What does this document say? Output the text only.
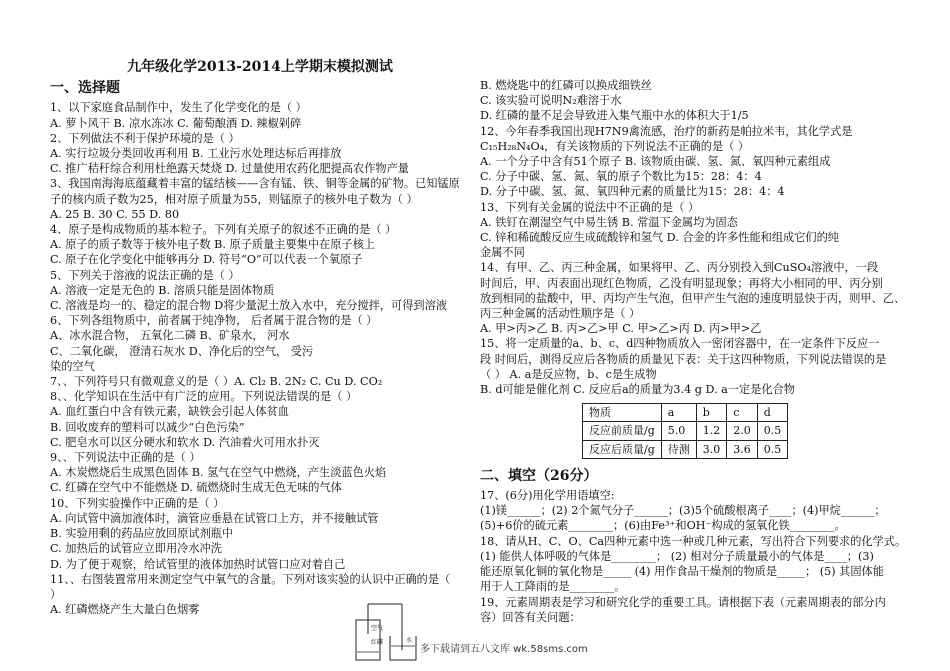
九年级化学2013-2014上学期末模拟测试
一、选择题
1、以下家庭食品制作中，发生了化学变化的是（ ）
A. 萝卜风干 B. 凉水冻冰 C. 葡萄酿酒 D. 辣椒剁碎
2、下列做法不利于保护环境的是（ ）
A. 实行垃圾分类回收再利用 B. 工业污水处理达标后再排放
C. 推广秸秆综合利用杜绝露天焚烧 D. 过量使用农药化肥提高农作物产量
3、我国南海海底蕴藏着丰富的锰结核——含有锰、铁、铜等金属的矿物。已知锰原
子的核内质子数为25，相对原子质量为55，则锰原子的核外电子数为（ ）
A. 25 B. 30 C. 55 D. 80
4、原子是构成物质的基本粒子。下列有关原子的叙述不正确的是（ ）
A. 原子的质子数等于核外电子数 B. 原子质量主要集中在原子核上
C. 原子在化学变化中能够再分 D. 符号“O”可以代表一个氧原子
5、下列关于溶液的说法正确的是（ ）
A. 溶液一定是无色的 B. 溶质只能是固体物质
C. 溶液是均一的、稳定的混合物 D将少量泥土放入水中，充分搅拌，可得到溶液
6、下列各组物质中，前者属于纯净物， 后者属于混合物的是（ ）
A、冰水混合物， 五氧化二磷 B、矿泉水， 河水
C、二氧化碳， 澄清石灰水 D、净化后的空气， 受污
染的空气
7、、下列符号只有微观意义的是（ ）A. Cl₂ B. 2N₂ C. Cu D. CO₂
8、、化学知识在生活中有广泛的应用。下列说法错误的是（ ）
A. 血红蛋白中含有铁元素，缺铁会引起人体贫血
B. 回收废弃的塑料可以减少“白色污染”
C. 肥皂水可以区分硬水和软水 D. 汽油着火可用水扑灭
9、、下列说法中正确的是（ ）
A. 木炭燃烧后生成黑色固体 B. 氢气在空气中燃烧，产生淡蓝色火焰
C. 红磷在空气中不能燃烧 D. 硫燃烧时生成无色无味的气体
10、下列实验操作中正确的是（ ）
A. 向试管中滴加液体时，滴管应垂悬在试管口上方，并不接触试管
B. 实验用剩的药品应放回原试剂瓶中
C. 加热后的试管应立即用冷水冲洗
D. 为了便于观察，给试管里的液体加热时试管口应对着自己
11、、右图装置常用来测定空气中氧气的含量。下列对该实验的认识中正确的是（
）
A. 红磷燃烧产生大量白色烟雾
B. 燃烧匙中的红磷可以换成细铁丝
C. 该实验可说明N₂难溶于水
D. 红磷的量不足会导致进入集气瓶中水的体积大于1/5
12、今年春季我国出现H7N9禽流感，治疗的新药是帕拉米韦，其化学式是
C₁₅H₂₈N₄O₄，有关该物质的下列说法不正确的是（ ）
A. 一个分子中含有51个原子 B. 该物质由碳、氢、氮、氧四种元素组成
C. 分子中碳、氢、氮、氧的原子个数比为15：28：4：4
D. 分子中碳、氢、氮、氧四种元素的质量比为15：28：4：4
13、下列有关金属的说法中不正确的是（ ）
A. 铁钉在潮湿空气中易生锈 B. 常温下金属均为固态
C. 锌和稀硫酸反应生成硫酸锌和氢气 D. 合金的许多性能和组成它们的纯
金属不同
14、有甲、乙、丙三种金属，如果将甲、乙、丙分别投入到CuSO₄溶液中，一段
时间后，甲、丙表面出现红色物质，乙没有明显现象；再将大小相同的甲、丙分别
放到相同的盐酸中，甲、丙均产生气泡，但甲产生气泡的速度明显快于丙，则甲、乙、
丙三种金属的活动性顺序是（ ）
A. 甲>丙>乙 B. 丙>乙>甲 C. 甲>乙>丙 D. 丙>甲>乙
15、将一定质量的a、b、c、d四种物质放入一密闭容器中，在一定条件下反应一
段 时间后，测得反应后各物质的质量见下表：关于这四种物质，下列说法错误的是
（ ） A. a是反应物，b、c是生成物
B. d可能是催化剂 C. 反应后a的质量为3.4 g D. a一定是化合物
物质	a	b	c	d
反应前质量/g	5.0	1.2	2.0	0.5
反应后质量/g	待测	3.0	3.6	0.5
二、填空（26分）
17、(6分)用化学用语填空:
(1)镁______；(2) 2个氮气分子______；(3)5个硫酸根离子____；(4)甲烷______；
(5)+6价的硫元素________；(6)由Fe³⁺和OH⁻构成的氢氧化铁________。
18、请从H、C、O、Ca四种元素中选一种或几种元素，写出符合下列要求的化学式。
(1) 能供人体呼吸的气体是________； (2) 相对分子质量最小的气体是____；(3)
能还原氧化铜的氧化物是_____ (4) 用作食品干燥剂的物质是_____； (5) 其固体能
用于人工降雨的是________。
19、元素周期表是学习和研究化学的重要工具。请根据下表（元素周期表的部分内
容）回答有关问题：
空气
红磷	水
多下载请到五八文库 wk.58sms.com
